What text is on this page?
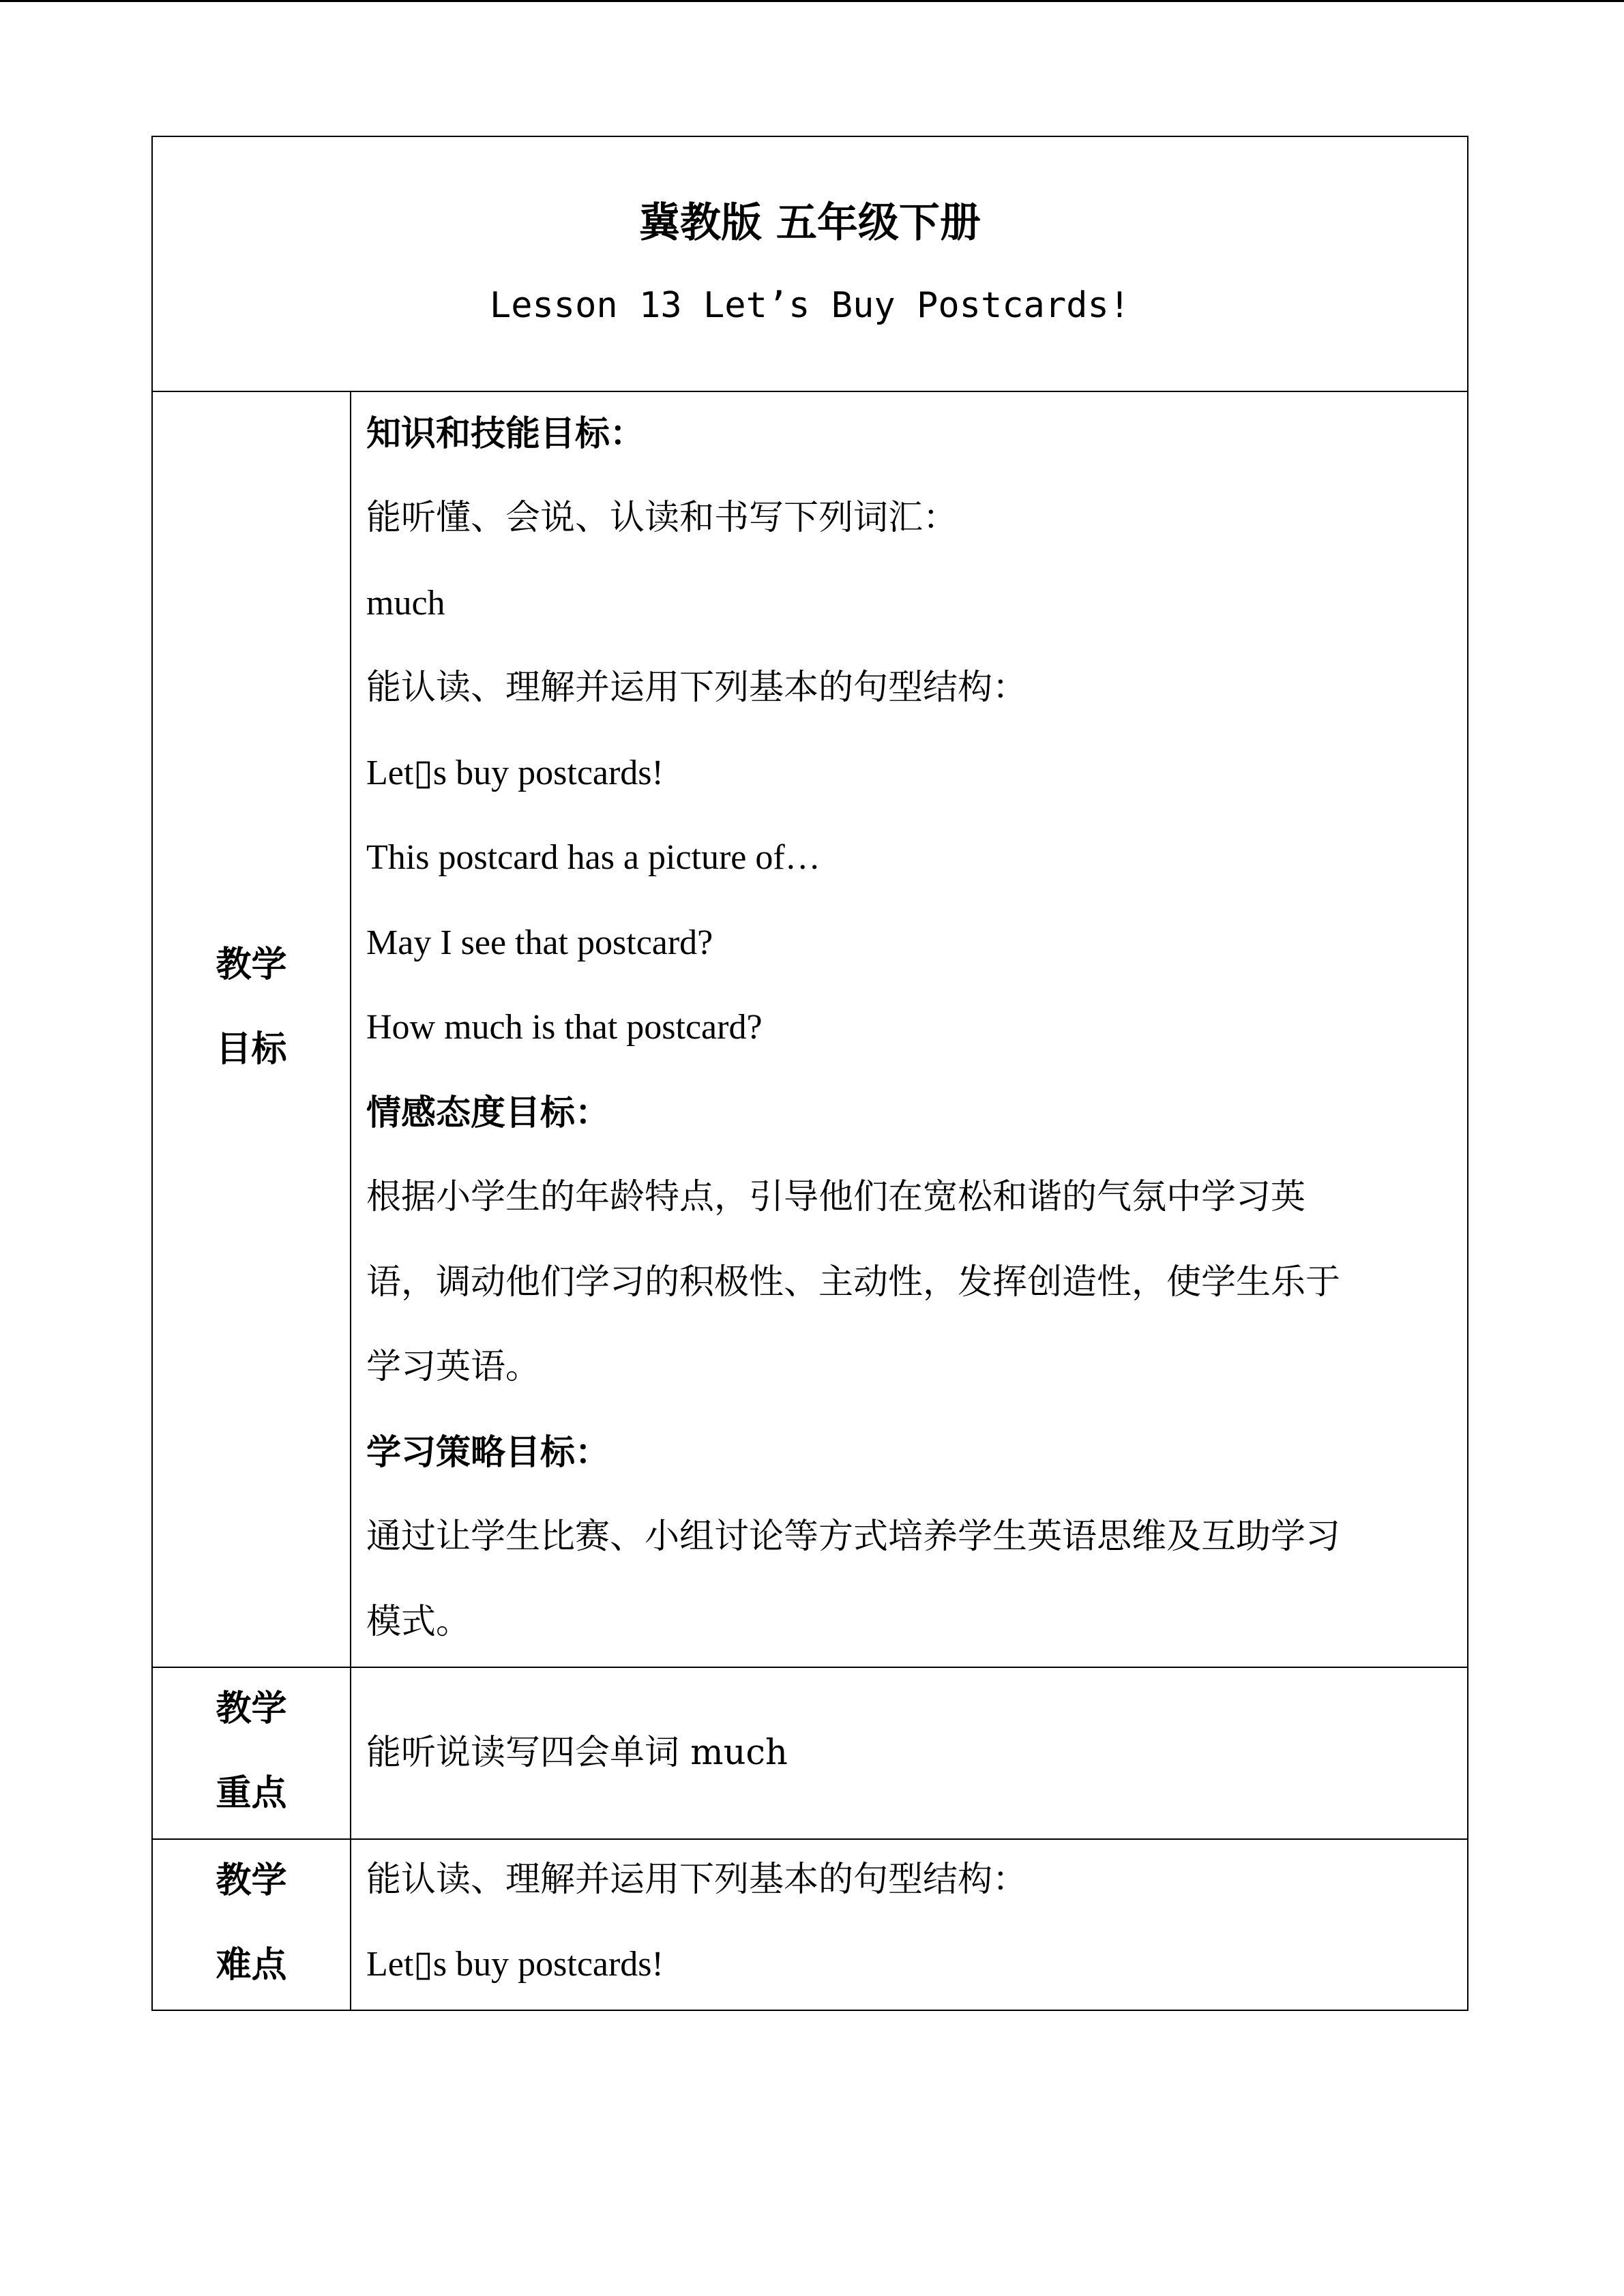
冀教版 五年级下册
Lesson 13 Let’s Buy Postcards!
教学
目标
知识和技能目标：
能听懂、会说、认读和书写下列词汇：
much
能认读、理解并运用下列基本的句型结构：
Let▯s buy postcards!
This postcard has a picture of…
May I see that postcard?
How much is that postcard?
情感态度目标：
根据小学生的年龄特点，引导他们在宽松和谐的气氛中学习英
语，调动他们学习的积极性、主动性，发挥创造性，使学生乐于
学习英语。
学习策略目标：
通过让学生比赛、小组讨论等方式培养学生英语思维及互助学习
模式。
教学
重点
能听说读写四会单词 much
教学
难点
能认读、理解并运用下列基本的句型结构：
Let▯s buy postcards!
